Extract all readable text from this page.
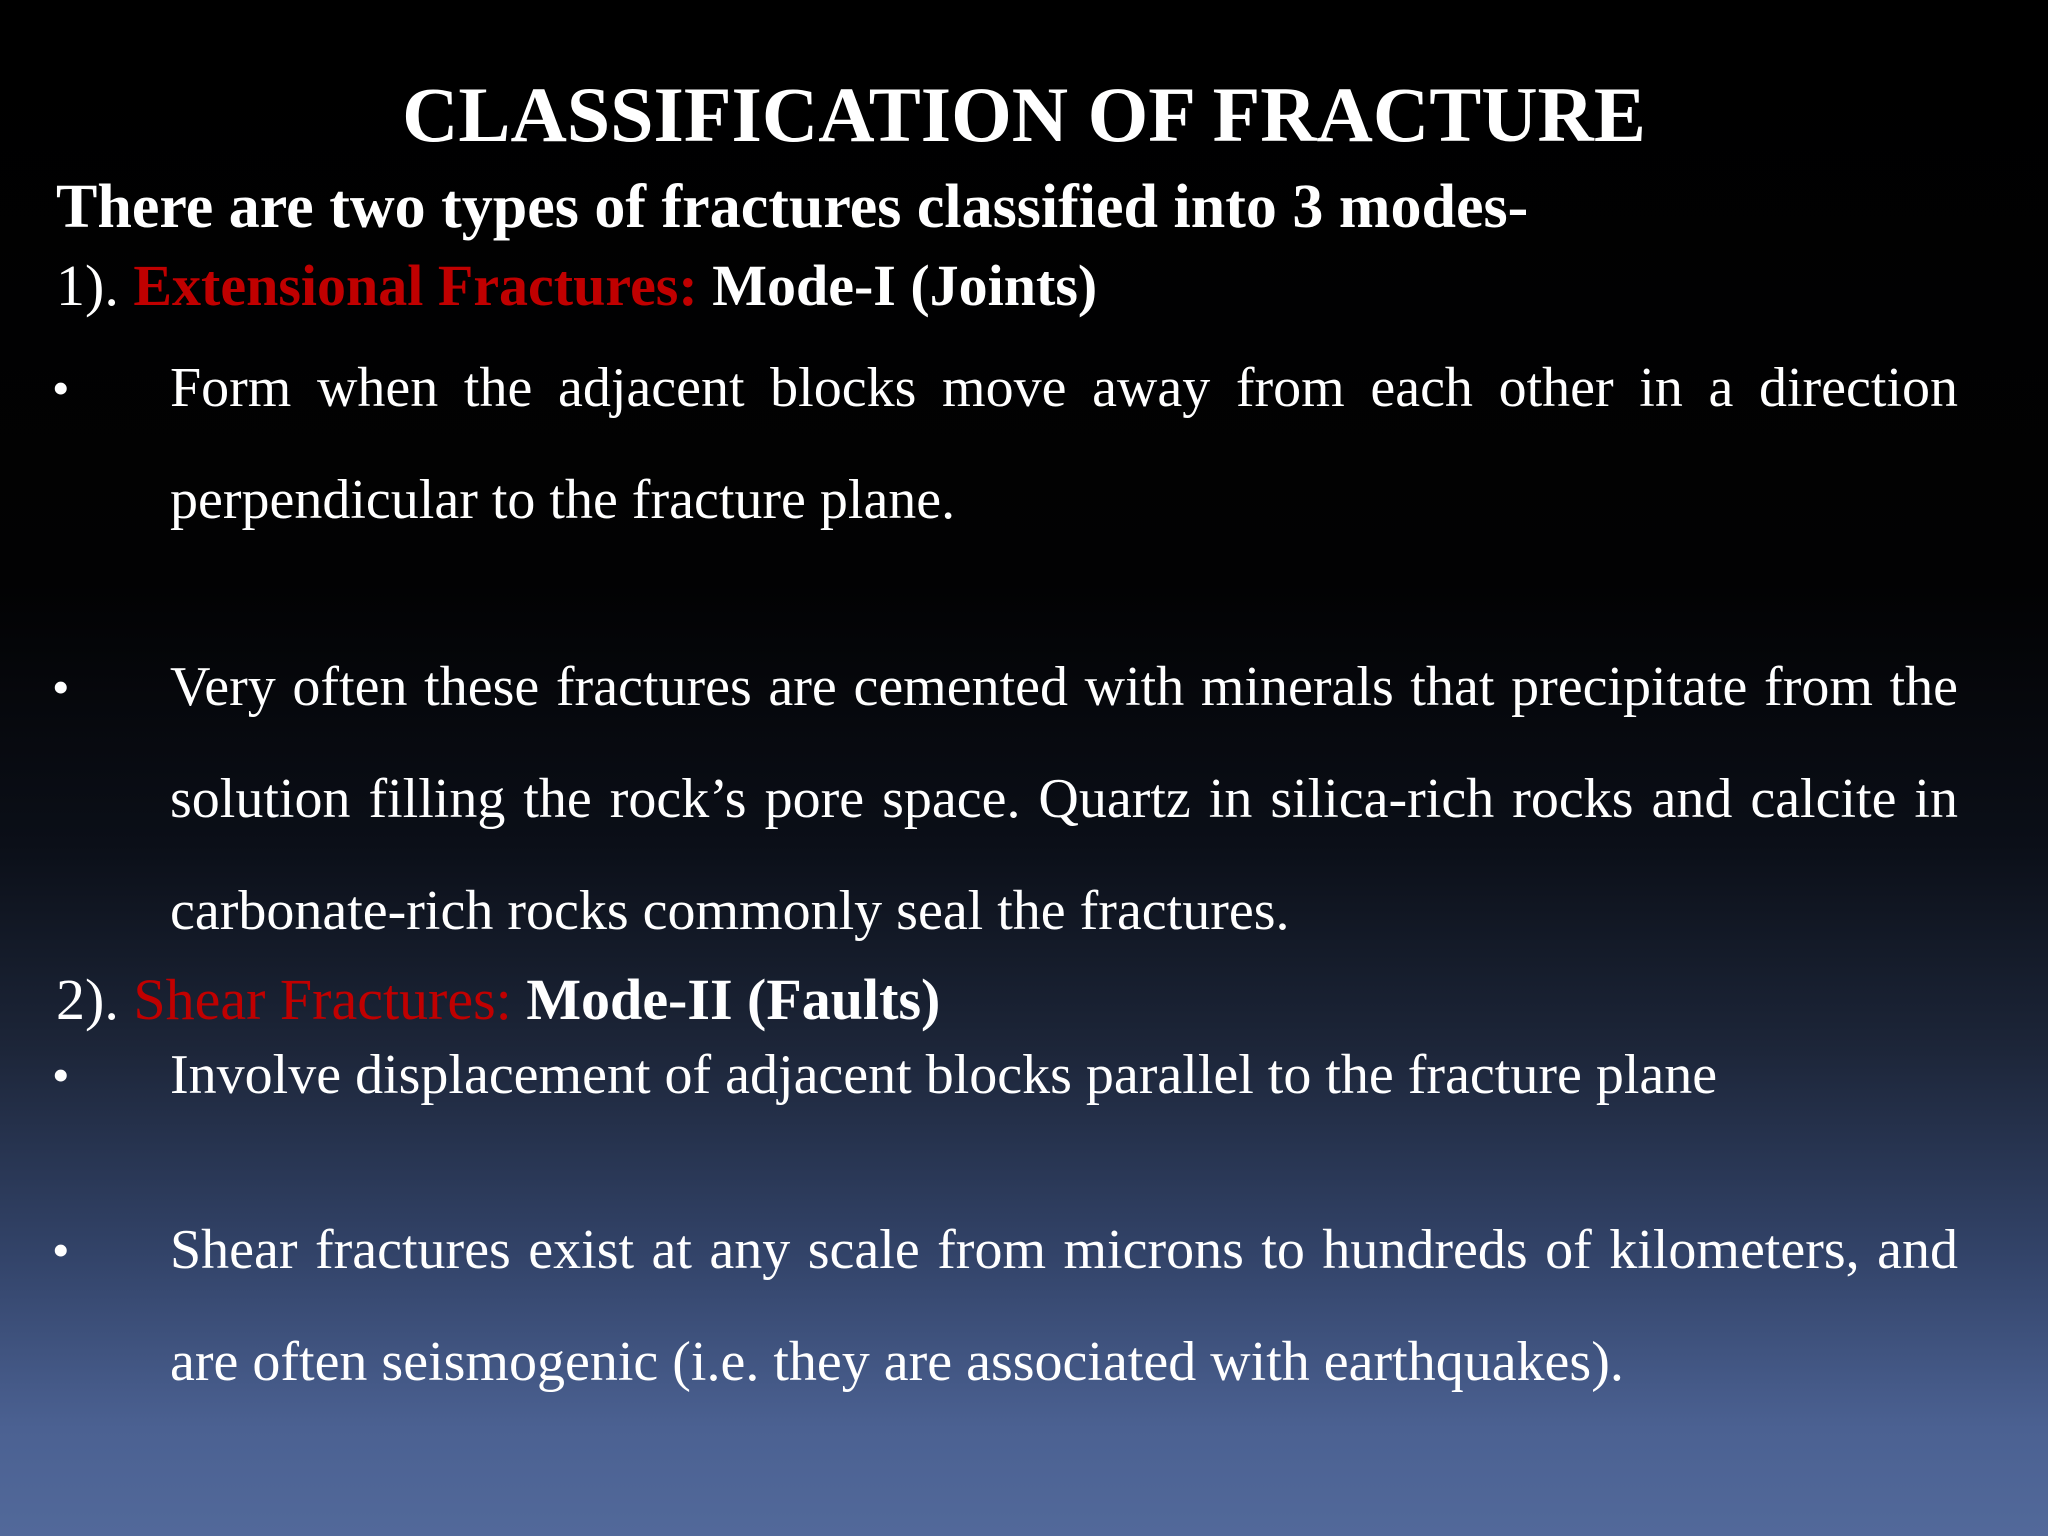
CLASSIFICATION OF FRACTURE
There are two types of fractures classified into 3 modes-
1). Extensional Fractures: Mode-I (Joints)
• Form when the adjacent blocks move away from each other in a direction perpendicular to the fracture plane.
• Very often these fractures are cemented with minerals that precipitate from the solution filling the rock’s pore space. Quartz in silica-rich rocks and calcite in carbonate-rich rocks commonly seal the fractures.
2). Shear Fractures: Mode-II (Faults)
• Involve displacement of adjacent blocks parallel to the fracture plane
• Shear fractures exist at any scale from microns to hundreds of kilometers, and are often seismogenic (i.e. they are associated with earthquakes).
